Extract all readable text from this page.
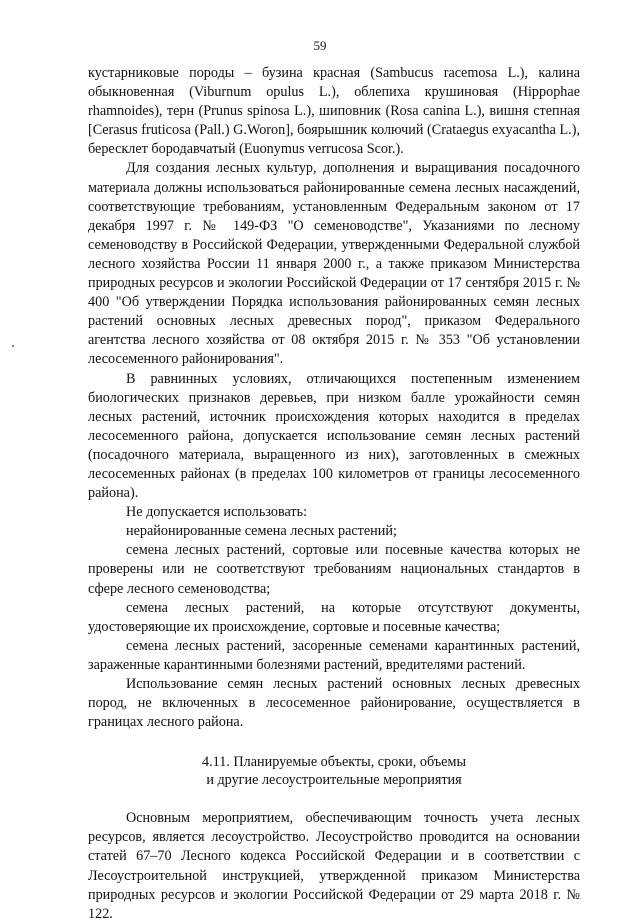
59

кустарниковые породы – бузина красная (Sambucus racemosa L.), калина обыкновенная (Viburnum opulus L.), облепиха крушиновая (Hippophae rhamnoides), терн (Prunus spinosa L.), шиповник (Rosa canina L.), вишня степная [Cerasus fruticosa (Pall.) G.Woron], боярышник колючий (Crataegus exyacantha L.), бересклет бородавчатый (Euonymus verrucosa Scor.).

Для создания лесных культур, дополнения и выращивания посадочного материала должны использоваться районированные семена лесных насаждений, соответствующие требованиям, установленным Федеральным законом от 17 декабря 1997 г. № 149-ФЗ "О семеноводстве", Указаниями по лесному семеноводству в Российской Федерации, утвержденными Федеральной службой лесного хозяйства России 11 января 2000 г., а также приказом Министерства природных ресурсов и экологии Российской Федерации от 17 сентября 2015 г. № 400 "Об утверждении Порядка использования районированных семян лесных растений основных лесных древесных пород", приказом Федерального агентства лесного хозяйства от 08 октября 2015 г. № 353 "Об установлении лесосеменного районирования".

В равнинных условиях, отличающихся постепенным изменением биологических признаков деревьев, при низком балле урожайности семян лесных растений, источник происхождения которых находится в пределах лесосеменного района, допускается использование семян лесных растений (посадочного материала, выращенного из них), заготовленных в смежных лесосеменных районах (в пределах 100 километров от границы лесосеменного района).

Не допускается использовать:

нерайонированные семена лесных растений;

семена лесных растений, сортовые или посевные качества которых не проверены или не соответствуют требованиям национальных стандартов в сфере лесного семеноводства;

семена лесных растений, на которые отсутствуют документы, удостоверяющие их происхождение, сортовые и посевные качества;

семена лесных растений, засоренные семенами карантинных растений, зараженные карантинными болезнями растений, вредителями растений.

Использование семян лесных растений основных лесных древесных пород, не включенных в лесосеменное районирование, осуществляется в границах лесного района.

4.11. Планируемые объекты, сроки, объемы
и другие лесоустроительные мероприятия

Основным мероприятием, обеспечивающим точность учета лесных ресурсов, является лесоустройство. Лесоустройство проводится на основании статей 67–70 Лесного кодекса Российской Федерации и в соответствии с Лесоустроительной инструкцией, утвержденной приказом Министерства природных ресурсов и экологии Российской Федерации от 29 марта 2018 г. № 122.
